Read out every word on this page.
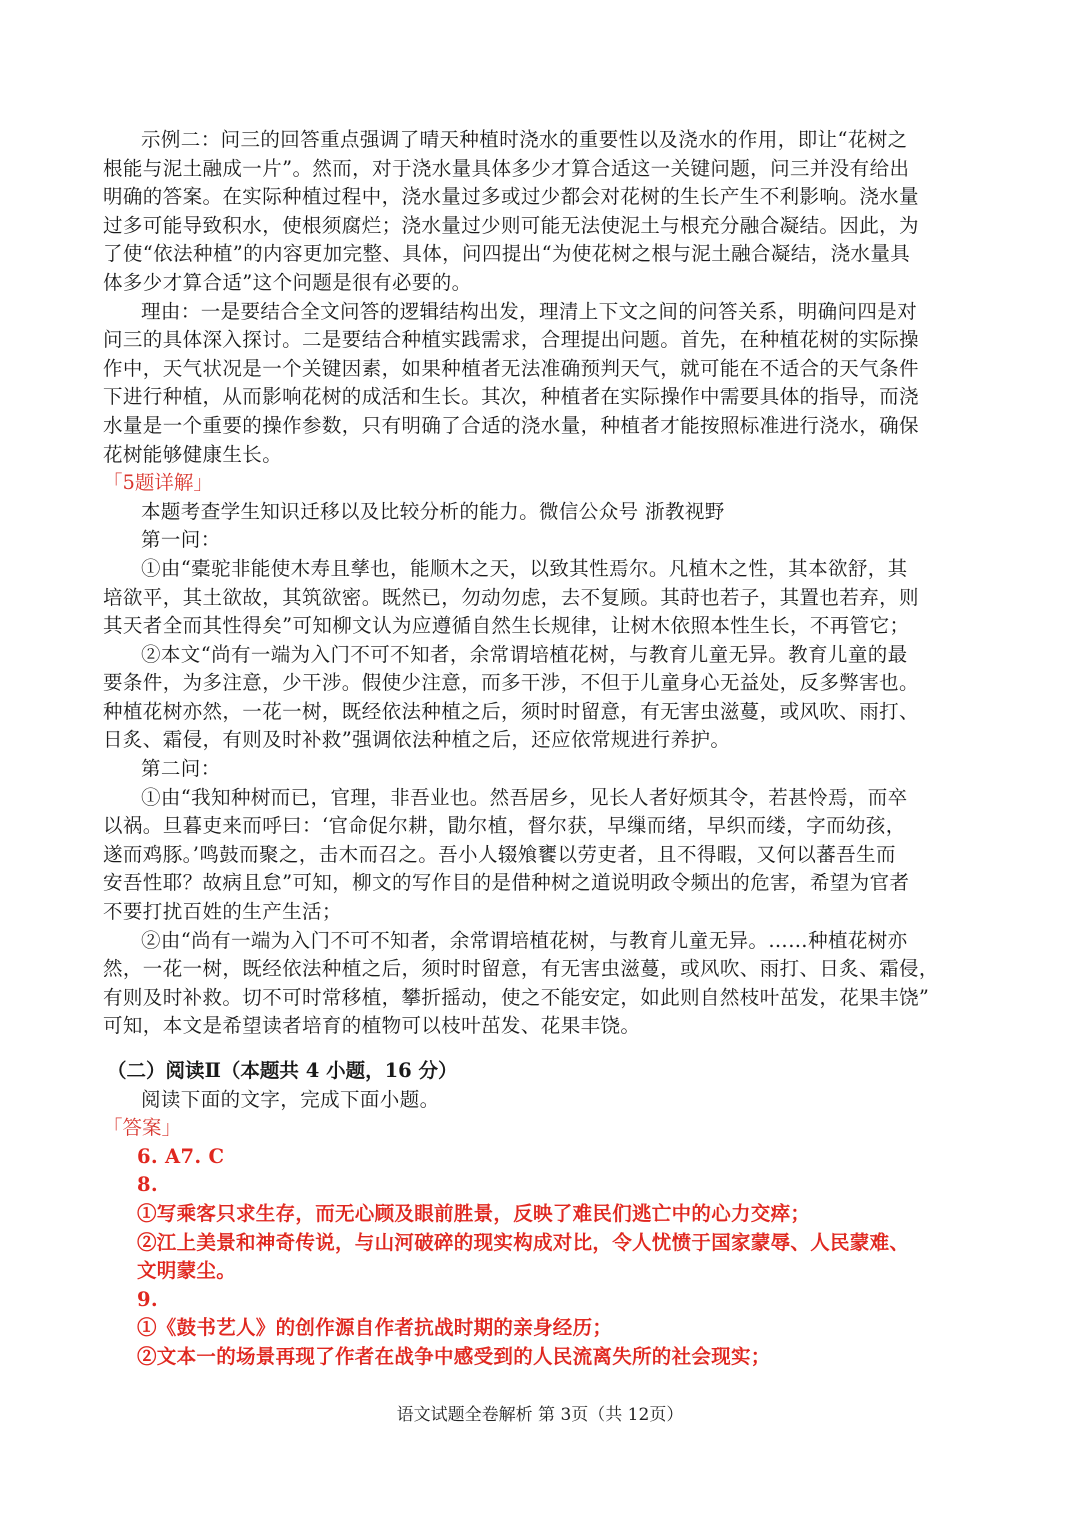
示例二：问三的回答重点强调了晴天种植时浇水的重要性以及浇水的作用，即让“花树之
根能与泥土融成一片”。然而，对于浇水量具体多少才算合适这一关键问题，问三并没有给出
明确的答案。在实际种植过程中，浇水量过多或过少都会对花树的生长产生不利影响。浇水量
过多可能导致积水，使根须腐烂；浇水量过少则可能无法使泥土与根充分融合凝结。因此，为
了使“依法种植”的内容更加完整、具体，问四提出“为使花树之根与泥土融合凝结，浇水量具
体多少才算合适”这个问题是很有必要的。
理由：一是要结合全文问答的逻辑结构出发，理清上下文之间的问答关系，明确问四是对
问三的具体深入探讨。二是要结合种植实践需求，合理提出问题。首先，在种植花树的实际操
作中，天气状况是一个关键因素，如果种植者无法准确预判天气，就可能在不适合的天气条件
下进行种植，从而影响花树的成活和生长。其次，种植者在实际操作中需要具体的指导，而浇
水量是一个重要的操作参数，只有明确了合适的浇水量，种植者才能按照标准进行浇水，确保
花树能够健康生长。
「5题详解」
本题考查学生知识迁移以及比较分析的能力。微信公众号 浙教视野
第一问：
①由“橐驼非能使木寿且孳也，能顺木之天，以致其性焉尔。凡植木之性，其本欲舒，其
培欲平，其土欲故，其筑欲密。既然已，勿动勿虑，去不复顾。其莳也若子，其置也若弃，则
其天者全而其性得矣”可知柳文认为应遵循自然生长规律，让树木依照本性生长，不再管它；
②本文“尚有一端为入门不可不知者，余常谓培植花树，与教育儿童无异。教育儿童的最
要条件，为多注意，少干涉。假使少注意，而多干涉，不但于儿童身心无益处，反多弊害也。
种植花树亦然，一花一树，既经依法种植之后，须时时留意，有无害虫滋蔓，或风吹、雨打、
日炙、霜侵，有则及时补救”强调依法种植之后，还应依常规进行养护。
第二问：
①由“我知种树而已，官理，非吾业也。然吾居乡，见长人者好烦其令，若甚怜焉，而卒
以祸。旦暮吏来而呼曰：‘官命促尔耕，勖尔植，督尔获，早缫而绪，早织而缕，字而幼孩，
遂而鸡豚。’鸣鼓而聚之，击木而召之。吾小人辍飧饔以劳吏者，且不得暇，又何以蕃吾生而
安吾性耶？故病且怠”可知，柳文的写作目的是借种树之道说明政令频出的危害，希望为官者
不要打扰百姓的生产生活；
②由“尚有一端为入门不可不知者，余常谓培植花树，与教育儿童无异。……种植花树亦
然，一花一树，既经依法种植之后，须时时留意，有无害虫滋蔓，或风吹、雨打、日炙、霜侵，
有则及时补救。切不可时常移植，攀折摇动，使之不能安定，如此则自然枝叶茁发，花果丰饶”
可知，本文是希望读者培育的植物可以枝叶茁发、花果丰饶。
（二）阅读Ⅱ（本题共 4 小题，16 分）
阅读下面的文字，完成下面小题。
「答案」
6. A7. C
8.
①写乘客只求生存，而无心顾及眼前胜景，反映了难民们逃亡中的心力交瘁；
②江上美景和神奇传说，与山河破碎的现实构成对比，令人忧愤于国家蒙辱、人民蒙难、
文明蒙尘。
9.
①《鼓书艺人》的创作源自作者抗战时期的亲身经历；
②文本一的场景再现了作者在战争中感受到的人民流离失所的社会现实；
语文试题全卷解析 第 3页（共 12页）
